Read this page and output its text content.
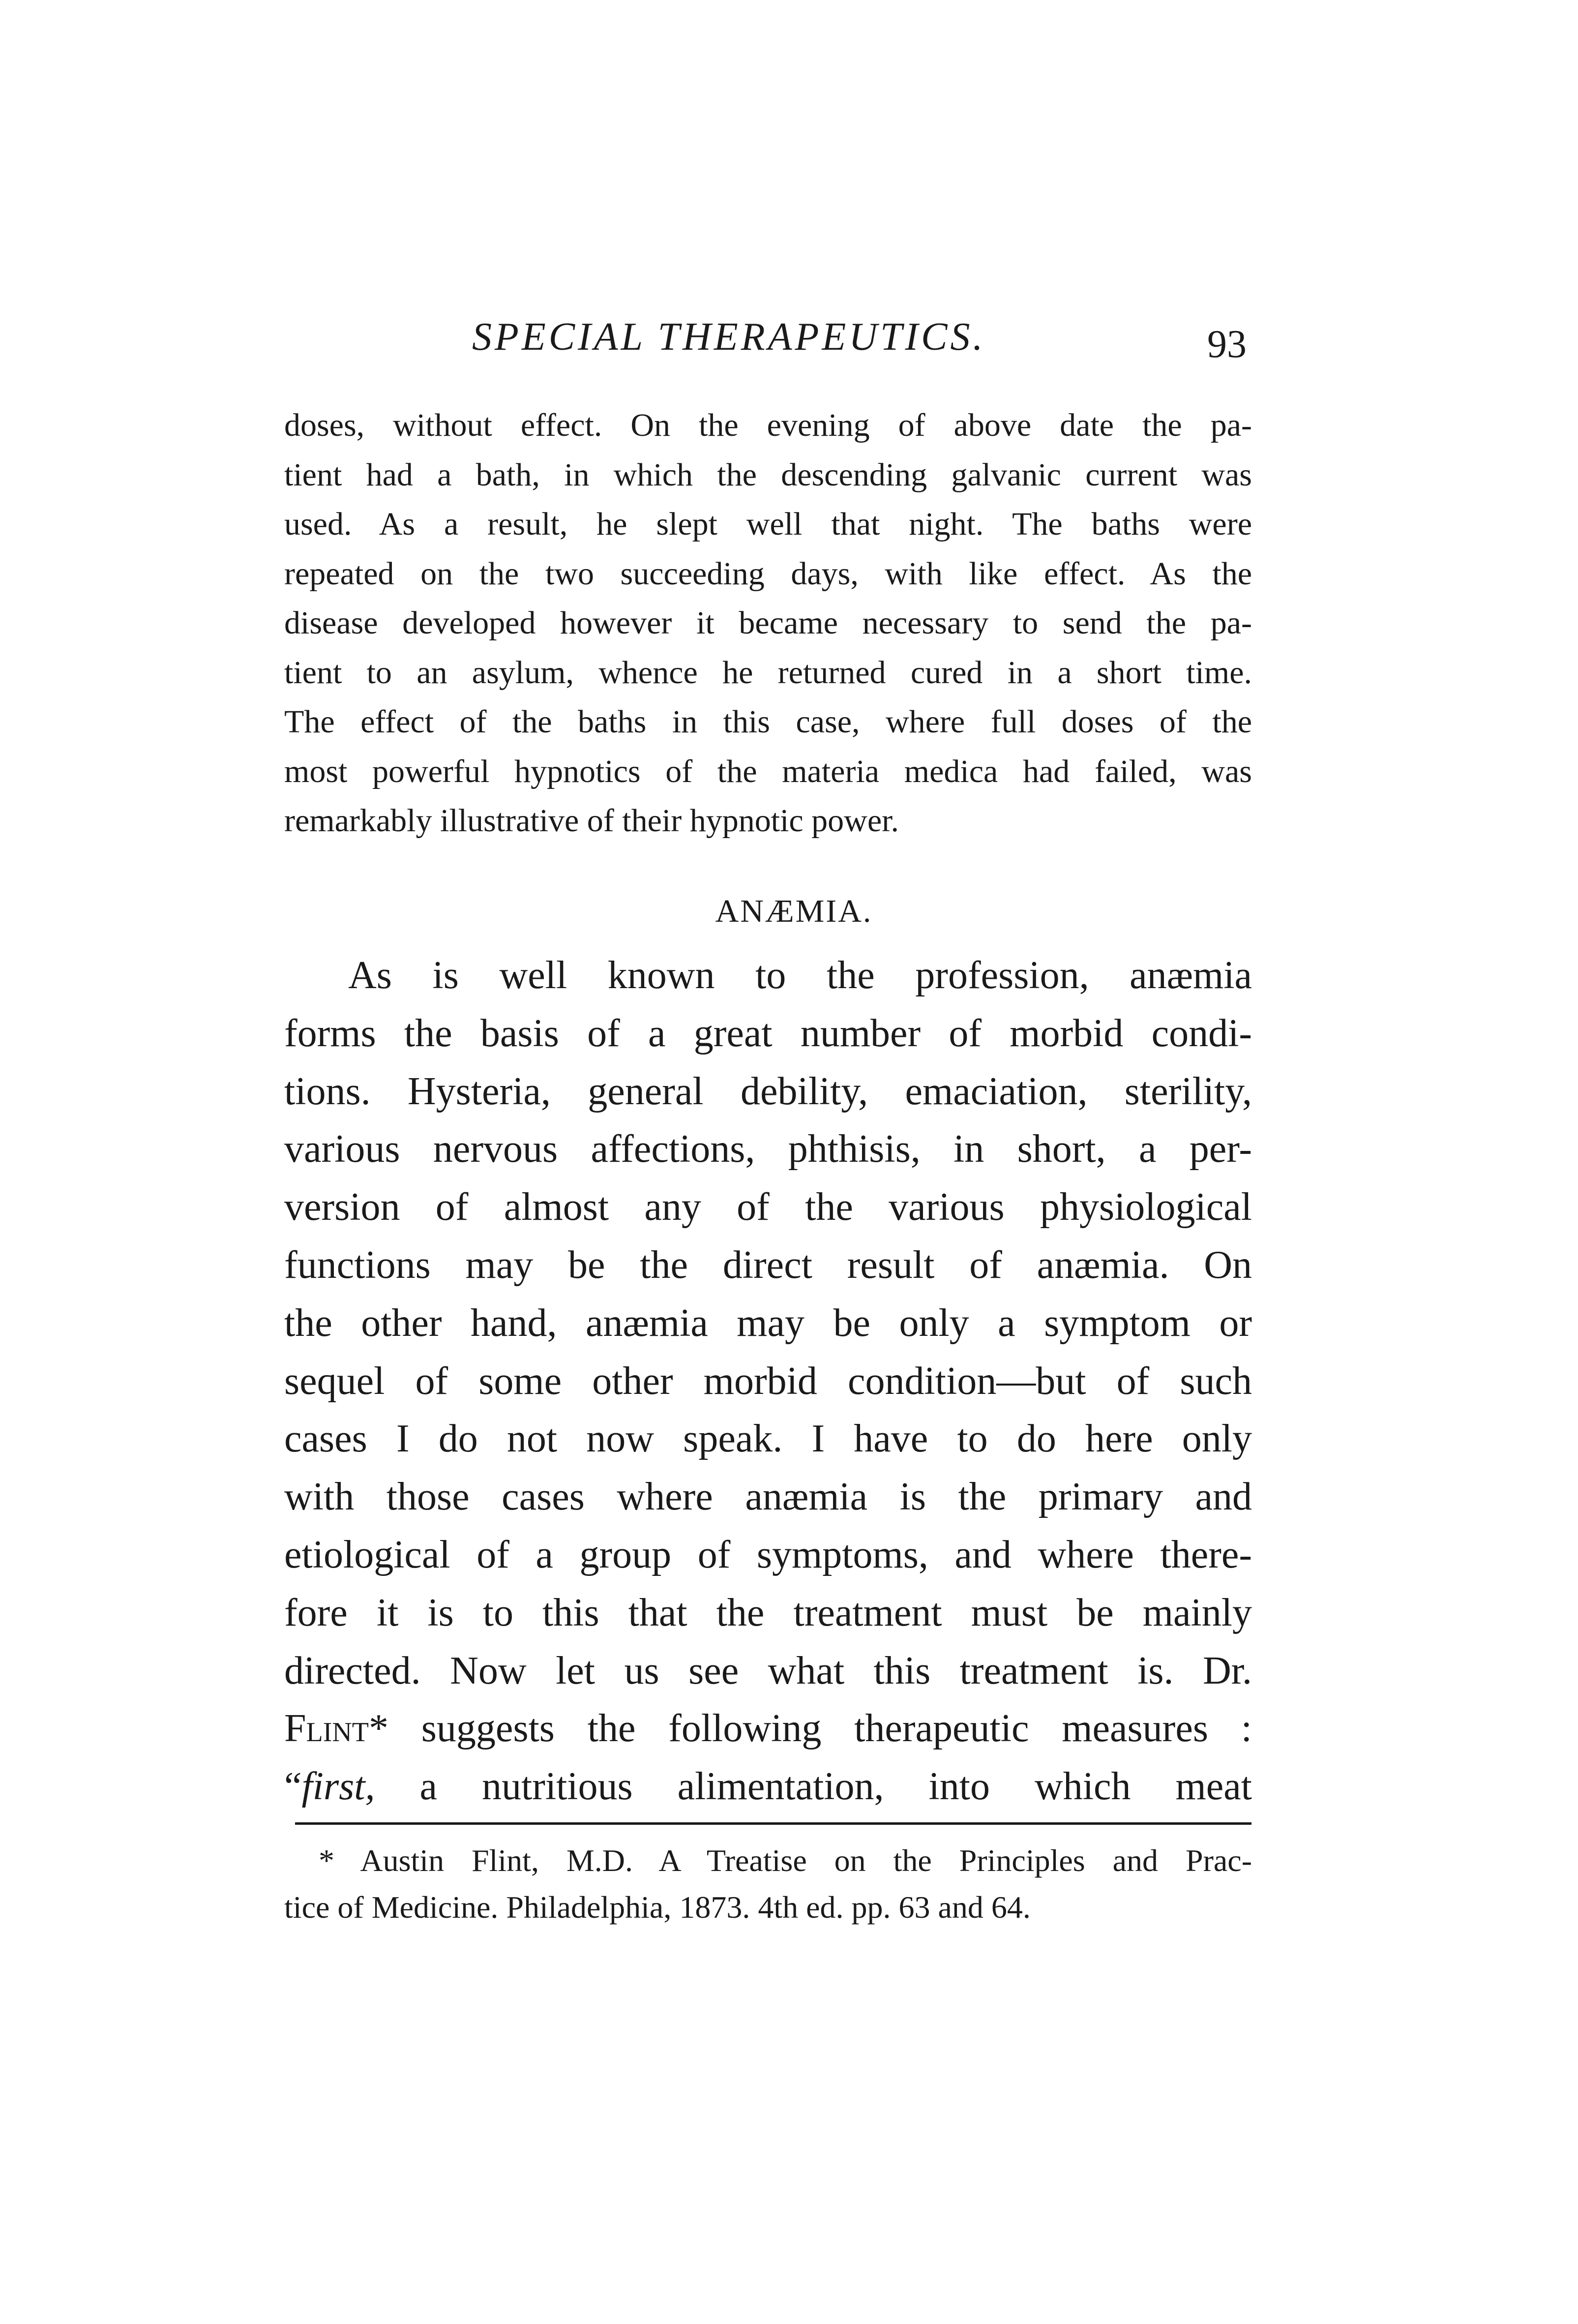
SPECIAL THERAPEUTICS.	93
doses, without effect. On the evening of above date the pa-
tient had a bath, in which the descending galvanic current was
used. As a result, he slept well that night. The baths were
repeated on the two succeeding days, with like effect. As the
disease developed however it became necessary to send the pa-
tient to an asylum, whence he returned cured in a short time.
The effect of the baths in this case, where full doses of the
most powerful hypnotics of the materia medica had failed, was
remarkably illustrative of their hypnotic power.
ANÆMIA.
As is well known to the profession, anæmia
forms the basis of a great number of morbid condi-
tions. Hysteria, general debility, emaciation, sterility,
various nervous affections, phthisis, in short, a per-
version of almost any of the various physiological
functions may be the direct result of anæmia. On
the other hand, anæmia may be only a symptom or
sequel of some other morbid condition—but of such
cases I do not now speak. I have to do here only
with those cases where anæmia is the primary and
etiological of a group of symptoms, and where there-
fore it is to this that the treatment must be mainly
directed. Now let us see what this treatment is. Dr.
Flint* suggests the following therapeutic measures :
“first, a nutritious alimentation, into which meat
* Austin Flint, M.D. A Treatise on the Principles and Prac-
tice of Medicine. Philadelphia, 1873. 4th ed. pp. 63 and 64.
